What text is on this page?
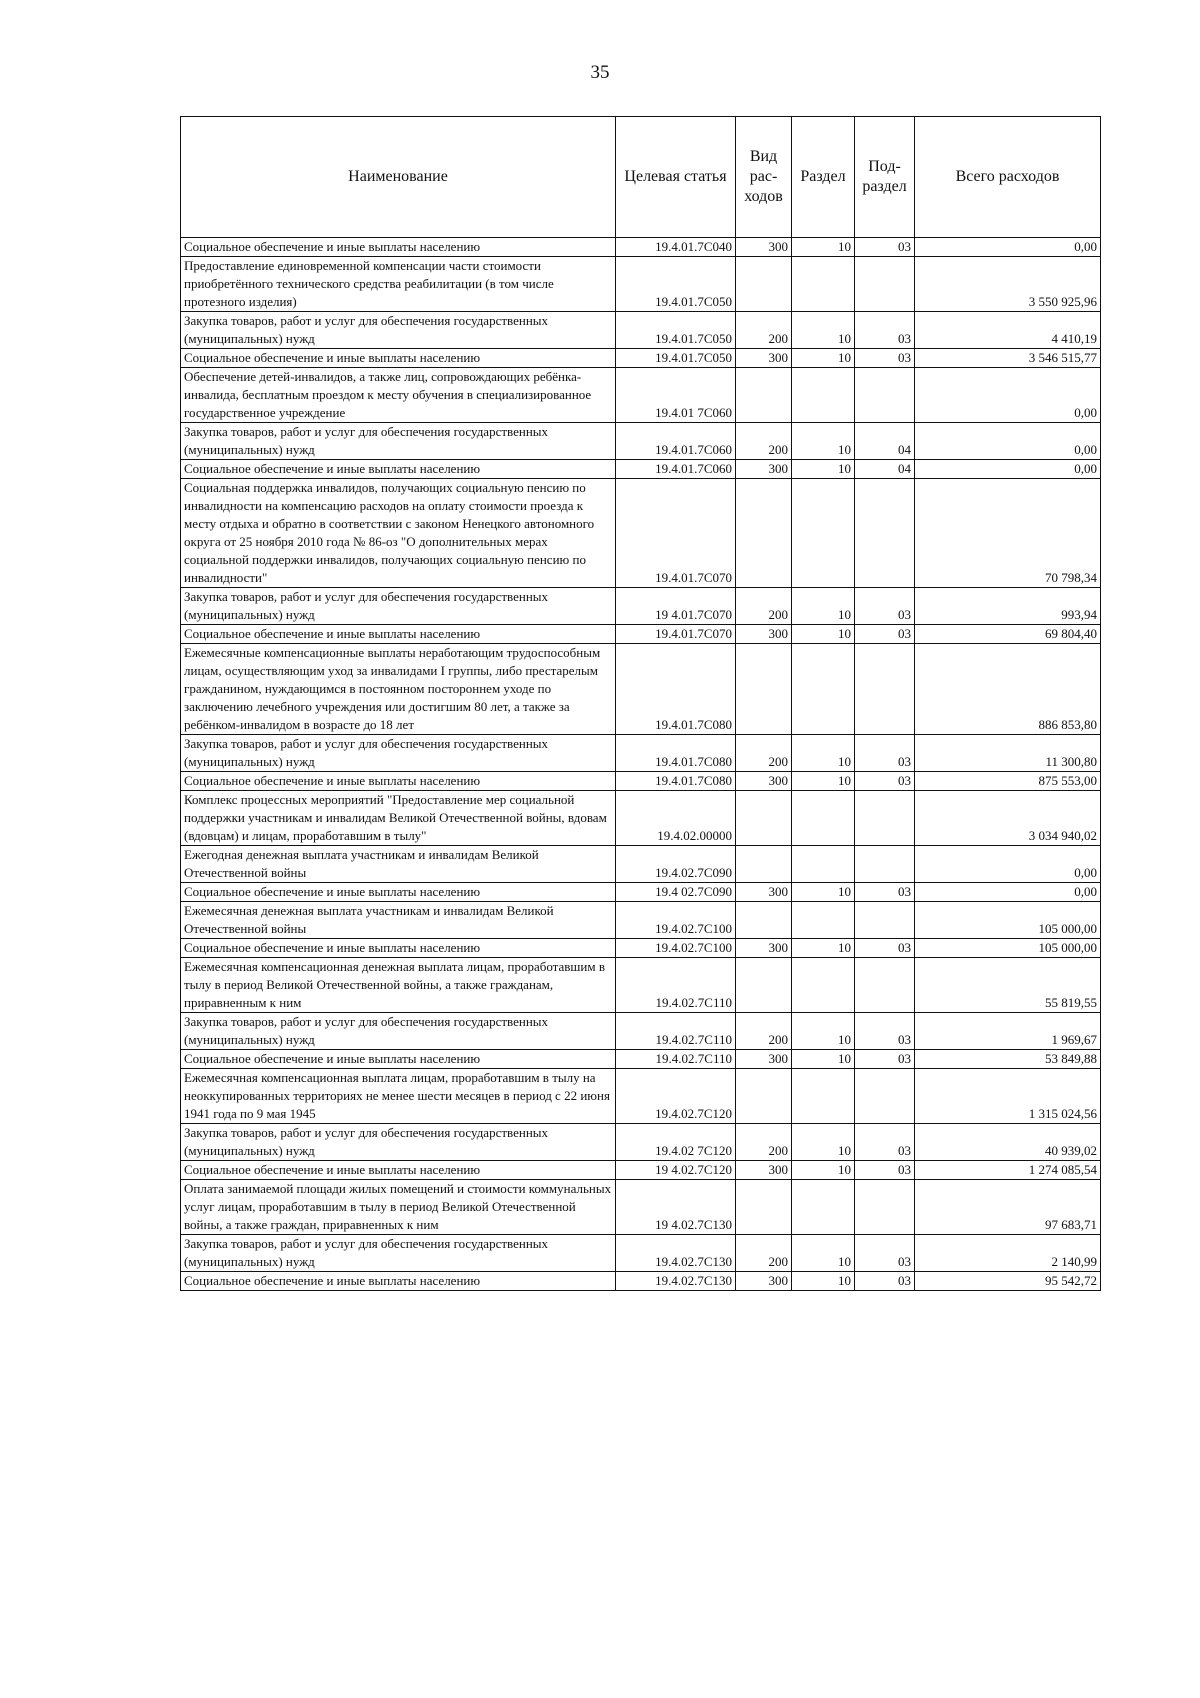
35
Наименование	Целевая статья	Вид рас- ходов	Раздел	Под- раздел	Всего расходов
Социальное обеспечение и иные выплаты населению	19.4.01.7С040	300	10	03	0,00
Предоставление единовременной компенсации части стоимости приобретённого технического средства реабилитации (в том числе протезного изделия)	19.4.01.7С050				3 550 925,96
Закупка товаров, работ и услуг для обеспечения государственных (муниципальных) нужд	19.4.01.7С050	200	10	03	4 410,19
Социальное обеспечение и иные выплаты населению	19.4.01.7С050	300	10	03	3 546 515,77
Обеспечение детей-инвалидов, а также лиц, сопровождающих ребёнка-инвалида, бесплатным проездом к месту обучения в специализированное государственное учреждение	19.4.01 7С060				0,00
Закупка товаров, работ и услуг для обеспечения государственных (муниципальных) нужд	19.4.01.7С060	200	10	04	0,00
Социальное обеспечение и иные выплаты населению	19.4.01.7С060	300	10	04	0,00
Социальная поддержка инвалидов, получающих социальную пенсию по инвалидности на компенсацию расходов на оплату стоимости проезда к месту отдыха и обратно в соответствии с законом Ненецкого автономного округа от 25 ноября 2010 года № 86-оз "О дополнительных мерах социальной поддержки инвалидов, получающих социальную пенсию по инвалидности"	19.4.01.7С070				70 798,34
Закупка товаров, работ и услуг для обеспечения государственных (муниципальных) нужд	19 4.01.7С070	200	10	03	993,94
Социальное обеспечение и иные выплаты населению	19.4.01.7С070	300	10	03	69 804,40
Ежемесячные компенсационные выплаты неработающим трудоспособным лицам, осуществляющим уход за инвалидами I группы, либо престарелым гражданином, нуждающимся в постоянном постороннем уходе по заключению лечебного учреждения или достигшим 80 лет, а также за ребёнком-инвалидом в возрасте до 18 лет	19.4.01.7С080				886 853,80
Закупка товаров, работ и услуг для обеспечения государственных (муниципальных) нужд	19.4.01.7С080	200	10	03	11 300,80
Социальное обеспечение и иные выплаты населению	19.4.01.7С080	300	10	03	875 553,00
Комплекс процессных мероприятий "Предоставление мер социальной поддержки участникам и инвалидам Великой Отечественной войны, вдовам (вдовцам) и лицам, проработавшим в тылу"	19.4.02.00000				3 034 940,02
Ежегодная денежная выплата участникам и инвалидам Великой Отечественной войны	19.4.02.7С090				0,00
Социальное обеспечение и иные выплаты населению	19.4 02.7С090	300	10	03	0,00
Ежемесячная денежная выплата участникам и инвалидам Великой Отечественной войны	19.4.02.7С100				105 000,00
Социальное обеспечение и иные выплаты населению	19.4.02.7С100	300	10	03	105 000,00
Ежемесячная компенсационная денежная выплата лицам, проработавшим в тылу в период Великой Отечественной войны, а также гражданам, приравненным к ним	19.4.02.7С110				55 819,55
Закупка товаров, работ и услуг для обеспечения государственных (муниципальных) нужд	19.4.02.7С110	200	10	03	1 969,67
Социальное обеспечение и иные выплаты населению	19.4.02.7С110	300	10	03	53 849,88
Ежемесячная компенсационная выплата лицам, проработавшим в тылу на неоккупированных территориях не менее шести месяцев в период с 22 июня 1941 года по 9 мая 1945	19.4.02.7С120				1 315 024,56
Закупка товаров, работ и услуг для обеспечения государственных (муниципальных) нужд	19.4.02 7С120	200	10	03	40 939,02
Социальное обеспечение и иные выплаты населению	19 4.02.7С120	300	10	03	1 274 085,54
Оплата занимаемой площади жилых помещений и стоимости коммунальных услуг лицам, проработавшим в тылу в период Великой Отечественной войны, а также граждан, приравненных к ним	19 4.02.7С130				97 683,71
Закупка товаров, работ и услуг для обеспечения государственных (муниципальных) нужд	19.4.02.7С130	200	10	03	2 140,99
Социальное обеспечение и иные выплаты населению	19.4.02.7С130	300	10	03	95 542,72
